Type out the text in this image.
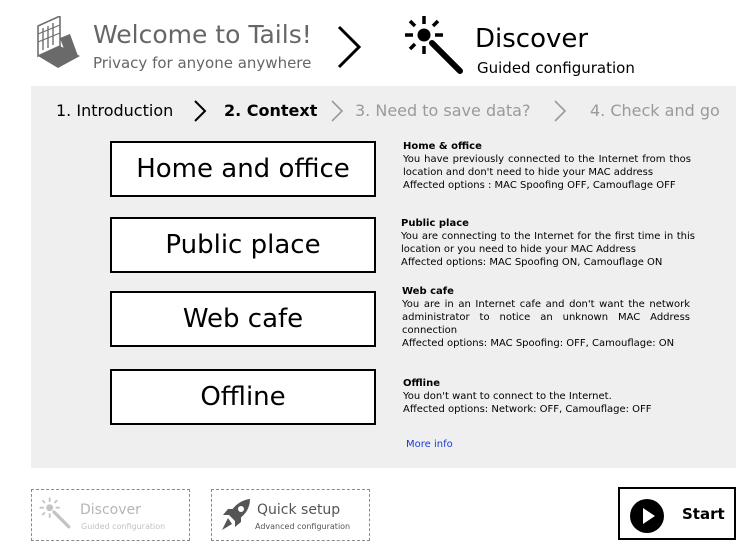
Welcome to Tails!
Privacy for anyone anywhere
Discover
Guided configuration
1. Introduction	2. Context 3. Need to save data?	4. Check and go
Home and office
Public place
Web cafe
Offline
Home & office
You have previously connected to the Internet from thos location and don't need to hide your MAC address
Affected options : MAC Spoofing OFF, Camouflage OFF
Public place
You are connecting to the Internet for the first time in this location or you need to hide your MAC Address
Affected options: MAC Spoofing ON, Camouflage ON
Web cafe
You are in an Internet cafe and don't want the network administrator to notice an unknown MAC Address connection
Affected options: MAC Spoofing: OFF, Camouflage: ON
Offline
You don't want to connect to the Internet.
Affected options: Network: OFF, Camouflage: OFF
More info
Discover
Guided configuration
Quick setup
Advanced configuration
Start
